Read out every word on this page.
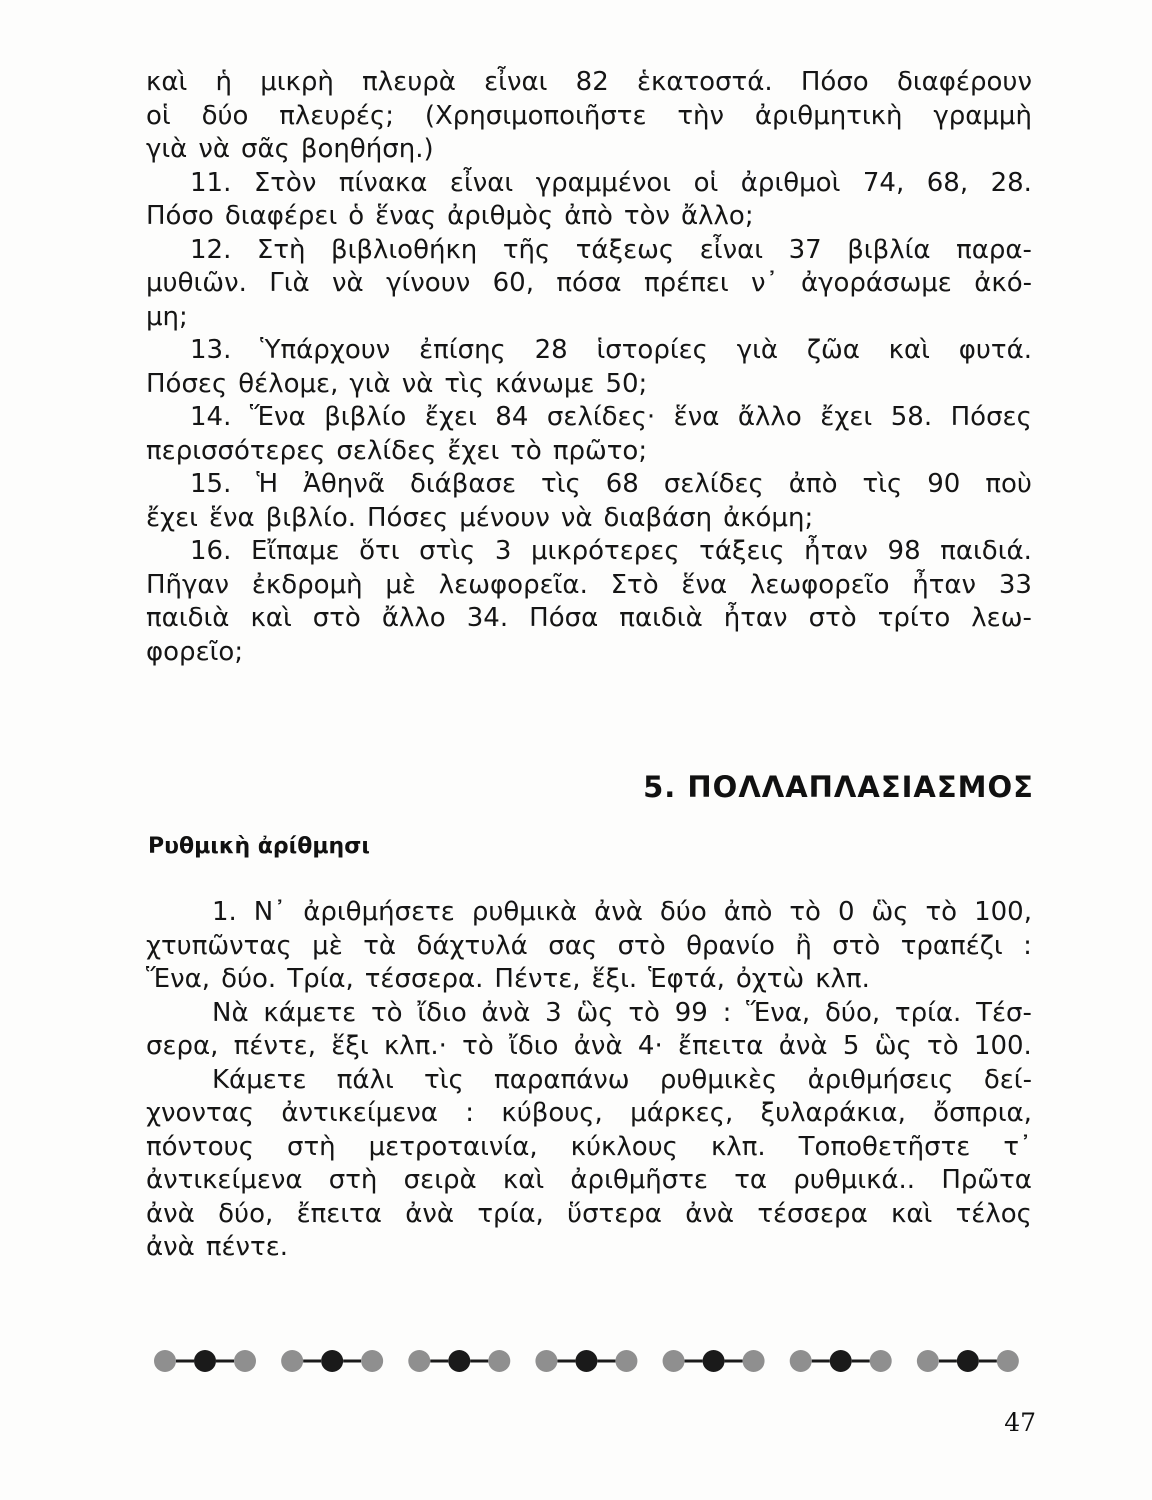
καὶ ἡ μικρὴ πλευρὰ εἶναι 82 ἑκατοστά. Πόσο διαφέρουν
οἱ δύο πλευρές; (Χρησιμοποιῆστε τὴν ἀριθμητικὴ γραμμὴ
γιὰ νὰ σᾶς βοηθήση.)
11. Στὸν πίνακα εἶναι γραμμένοι οἱ ἀριθμοὶ 74, 68, 28.
Πόσο διαφέρει ὁ ἕνας ἀριθμὸς ἀπὸ τὸν ἄλλο;
12. Στὴ βιβλιοθήκη τῆς τάξεως εἶναι 37 βιβλία παρα-
μυθιῶν. Γιὰ νὰ γίνουν 60, πόσα πρέπει ν᾽ ἀγοράσωμε ἀκό-
μη;
13. Ὑπάρχουν ἐπίσης 28 ἱστορίες γιὰ ζῶα καὶ φυτά.
Πόσες θέλομε, γιὰ νὰ τὶς κάνωμε 50;
14. Ἕνα βιβλίο ἔχει 84 σελίδες· ἕνα ἄλλο ἔχει 58. Πόσες
περισσότερες σελίδες ἔχει τὸ πρῶτο;
15. Ἡ Ἀθηνᾶ διάβασε τὶς 68 σελίδες ἀπὸ τὶς 90 ποὺ
ἔχει ἕνα βιβλίο. Πόσες μένουν νὰ διαβάση ἀκόμη;
16. Εἴπαμε ὅτι στὶς 3 μικρότερες τάξεις ἦταν 98 παιδιά.
Πῆγαν ἐκδρομὴ μὲ λεωφορεῖα. Στὸ ἕνα λεωφορεῖο ἦταν 33
παιδιὰ καὶ στὸ ἄλλο 34. Πόσα παιδιὰ ἦταν στὸ τρίτο λεω-
φορεῖο;
5. ΠΟΛΛΑΠΛΑΣΙΑΣΜΟΣ
Ρυθμικὴ ἀρίθμησι
1. Ν᾽ ἀριθμήσετε ρυθμικὰ ἀνὰ δύο ἀπὸ τὸ 0 ὣς τὸ 100,
χτυπῶντας μὲ τὰ δάχτυλά σας στὸ θρανίο ἢ στὸ τραπέζι :
Ἕνα, δύο. Τρία, τέσσερα. Πέντε, ἕξι. Ἑφτά, ὀχτὼ κλπ.
Νὰ κάμετε τὸ ἴδιο ἀνὰ 3 ὣς τὸ 99 : Ἕνα, δύο, τρία. Τέσ-
σερα, πέντε, ἕξι κλπ.· τὸ ἴδιο ἀνὰ 4· ἔπειτα ἀνὰ 5 ὣς τὸ 100.
Κάμετε πάλι τὶς παραπάνω ρυθμικὲς ἀριθμήσεις δεί-
χνοντας ἀντικείμενα : κύβους, μάρκες, ξυλαράκια, ὄσπρια,
πόντους στὴ μετροταινία, κύκλους κλπ. Τοποθετῆστε τ᾽
ἀντικείμενα στὴ σειρὰ καὶ ἀριθμῆστε τα ρυθμικά.. Πρῶτα
ἀνὰ δύο, ἔπειτα ἀνὰ τρία, ὕστερα ἀνὰ τέσσερα καὶ τέλος
ἀνὰ πέντε.
47
